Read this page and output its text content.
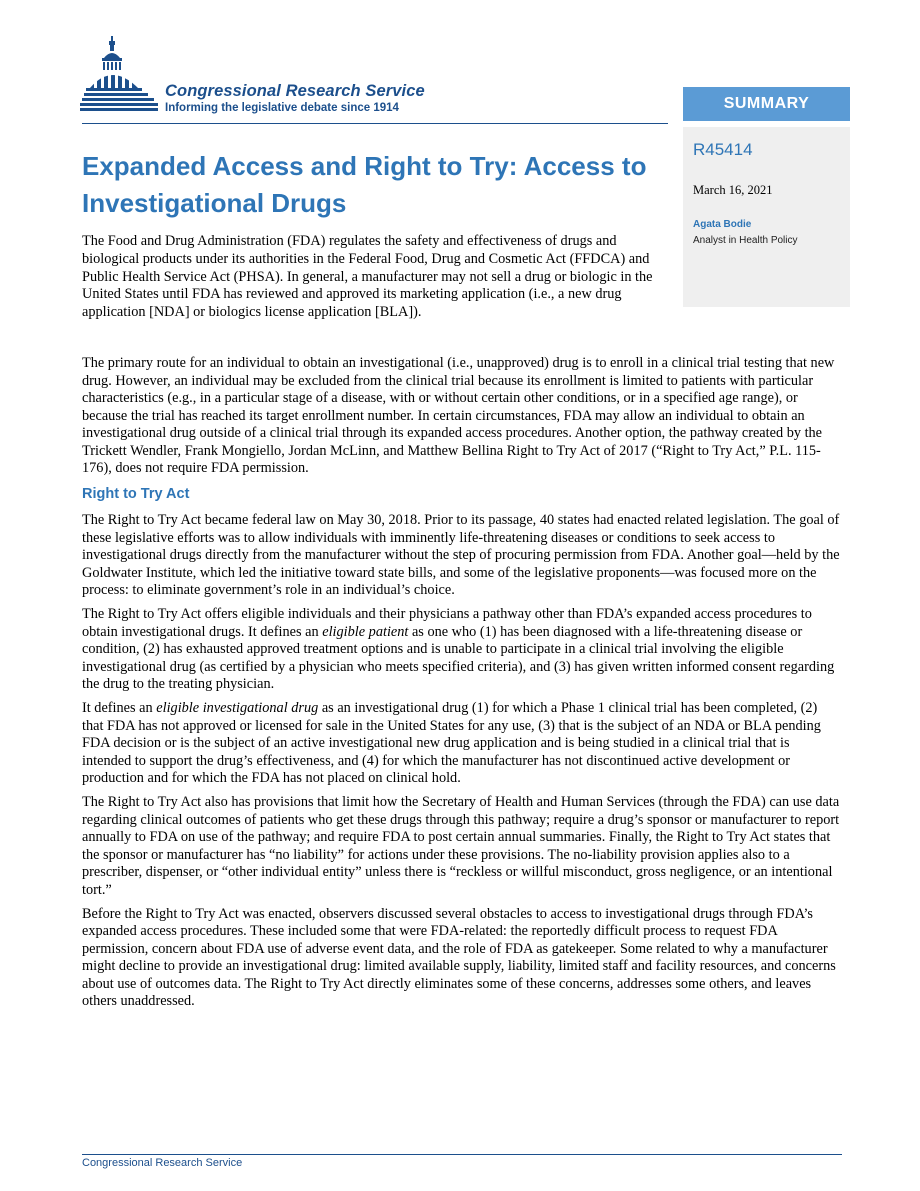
Congressional Research Service
Informing the legislative debate since 1914	SUMMARY
R45414
March 16, 2021
Agata Bodie
Analyst in Health Policy
Expanded Access and Right to Try: Access to Investigational Drugs

The Food and Drug Administration (FDA) regulates the safety and effectiveness of drugs and biological products under its authorities in the Federal Food, Drug and Cosmetic Act (FFDCA) and Public Health Service Act (PHSA). In general, a manufacturer may not sell a drug or biologic in the United States until FDA has reviewed and approved its marketing application (i.e., a new drug application [NDA] or biologics license application [BLA]).

The primary route for an individual to obtain an investigational (i.e., unapproved) drug is to enroll in a clinical trial testing that new drug. However, an individual may be excluded from the clinical trial because its enrollment is limited to patients with particular characteristics (e.g., in a particular stage of a disease, with or without certain other conditions, or in a specified age range), or because the trial has reached its target enrollment number. In certain circumstances, FDA may allow an individual to obtain an investigational drug outside of a clinical trial through its expanded access procedures. Another option, the pathway created by the Trickett Wendler, Frank Mongiello, Jordan McLinn, and Matthew Bellina Right to Try Act of 2017 (“Right to Try Act,” P.L. 115-176), does not require FDA permission.

Right to Try Act

The Right to Try Act became federal law on May 30, 2018. Prior to its passage, 40 states had enacted related legislation. The goal of these legislative efforts was to allow individuals with imminently life-threatening diseases or conditions to seek access to investigational drugs directly from the manufacturer without the step of procuring permission from FDA. Another goal—held by the Goldwater Institute, which led the initiative toward state bills, and some of the legislative proponents—was focused more on the process: to eliminate government’s role in an individual’s choice.

The Right to Try Act offers eligible individuals and their physicians a pathway other than FDA’s expanded access procedures to obtain investigational drugs. It defines an eligible patient as one who (1) has been diagnosed with a life-threatening disease or condition, (2) has exhausted approved treatment options and is unable to participate in a clinical trial involving the eligible investigational drug (as certified by a physician who meets specified criteria), and (3) has given written informed consent regarding the drug to the treating physician.

It defines an eligible investigational drug as an investigational drug (1) for which a Phase 1 clinical trial has been completed, (2) that FDA has not approved or licensed for sale in the United States for any use, (3) that is the subject of an NDA or BLA pending FDA decision or is the subject of an active investigational new drug application and is being studied in a clinical trial that is intended to support the drug’s effectiveness, and (4) for which the manufacturer has not discontinued active development or production and for which the FDA has not placed on clinical hold.

The Right to Try Act also has provisions that limit how the Secretary of Health and Human Services (through the FDA) can use data regarding clinical outcomes of patients who get these drugs through this pathway; require a drug’s sponsor or manufacturer to report annually to FDA on use of the pathway; and require FDA to post certain annual summaries. Finally, the Right to Try Act states that the sponsor or manufacturer has “no liability” for actions under these provisions. The no-liability provision applies also to a prescriber, dispenser, or “other individual entity” unless there is “reckless or willful misconduct, gross negligence, or an intentional tort.”

Before the Right to Try Act was enacted, observers discussed several obstacles to access to investigational drugs through FDA’s expanded access procedures. These included some that were FDA-related: the reportedly difficult process to request FDA permission, concern about FDA use of adverse event data, and the role of FDA as gatekeeper. Some related to why a manufacturer might decline to provide an investigational drug: limited available supply, liability, limited staff and facility resources, and concerns about use of outcomes data. The Right to Try Act directly eliminates some of these concerns, addresses some others, and leaves others unaddressed.

Congressional Research Service
